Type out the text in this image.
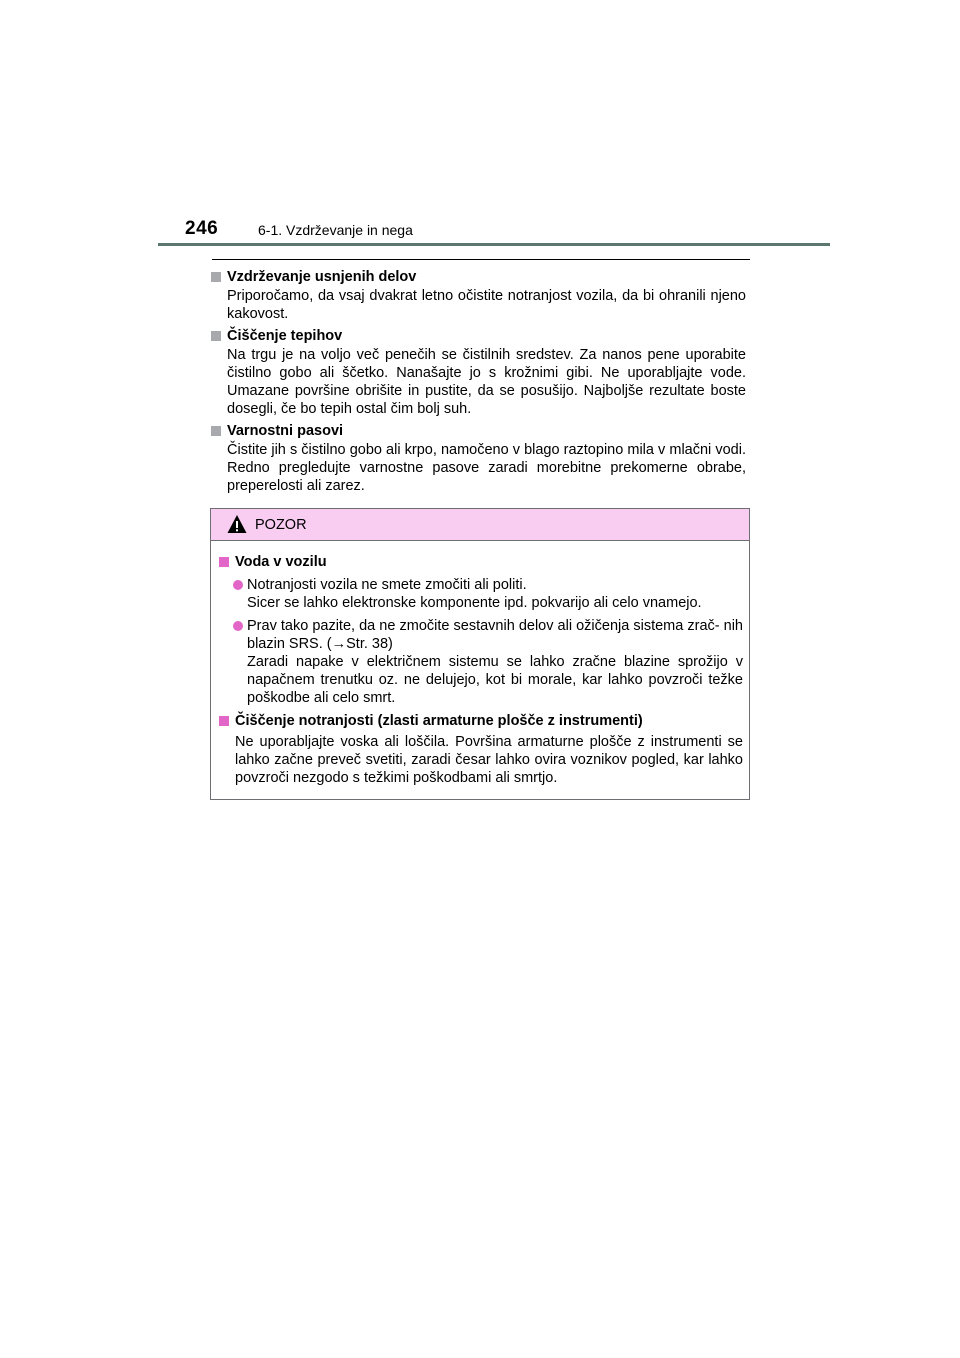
246	6-1. Vzdrževanje in nega
Vzdrževanje usnjenih delov
Priporočamo, da vsaj dvakrat letno očistite notranjost vozila, da bi ohranili njeno kakovost.
Čiščenje tepihov
Na trgu je na voljo več penečih se čistilnih sredstev. Za nanos pene uporabite čistilno gobo ali ščetko. Nanašajte jo s krožnimi gibi. Ne uporabljajte vode. Umazane površine obrišite in pustite, da se posušijo. Najboljše rezultate boste dosegli, če bo tepih ostal čim bolj suh.
Varnostni pasovi
Čistite jih s čistilno gobo ali krpo, namočeno v blago raztopino mila v mlačni vodi. Redno pregledujte varnostne pasove zaradi morebitne prekomerne obrabe, preperelosti ali zarez.
POZOR
Voda v vozilu
Notranjosti vozila ne smete zmočiti ali politi.
Sicer se lahko elektronske komponente ipd. pokvarijo ali celo vnamejo.
Prav tako pazite, da ne zmočite sestavnih delov ali ožičenja sistema zrač- nih blazin SRS. (→Str. 38)
Zaradi napake v električnem sistemu se lahko zračne blazine sprožijo v napačnem trenutku oz. ne delujejo, kot bi morale, kar lahko povzroči težke poškodbe ali celo smrt.
Čiščenje notranjosti (zlasti armaturne plošče z instrumenti)
Ne uporabljajte voska ali loščila. Površina armaturne plošče z instrumenti se lahko začne preveč svetiti, zaradi česar lahko ovira voznikov pogled, kar lahko povzroči nezgodo s težkimi poškodbami ali smrtjo.
